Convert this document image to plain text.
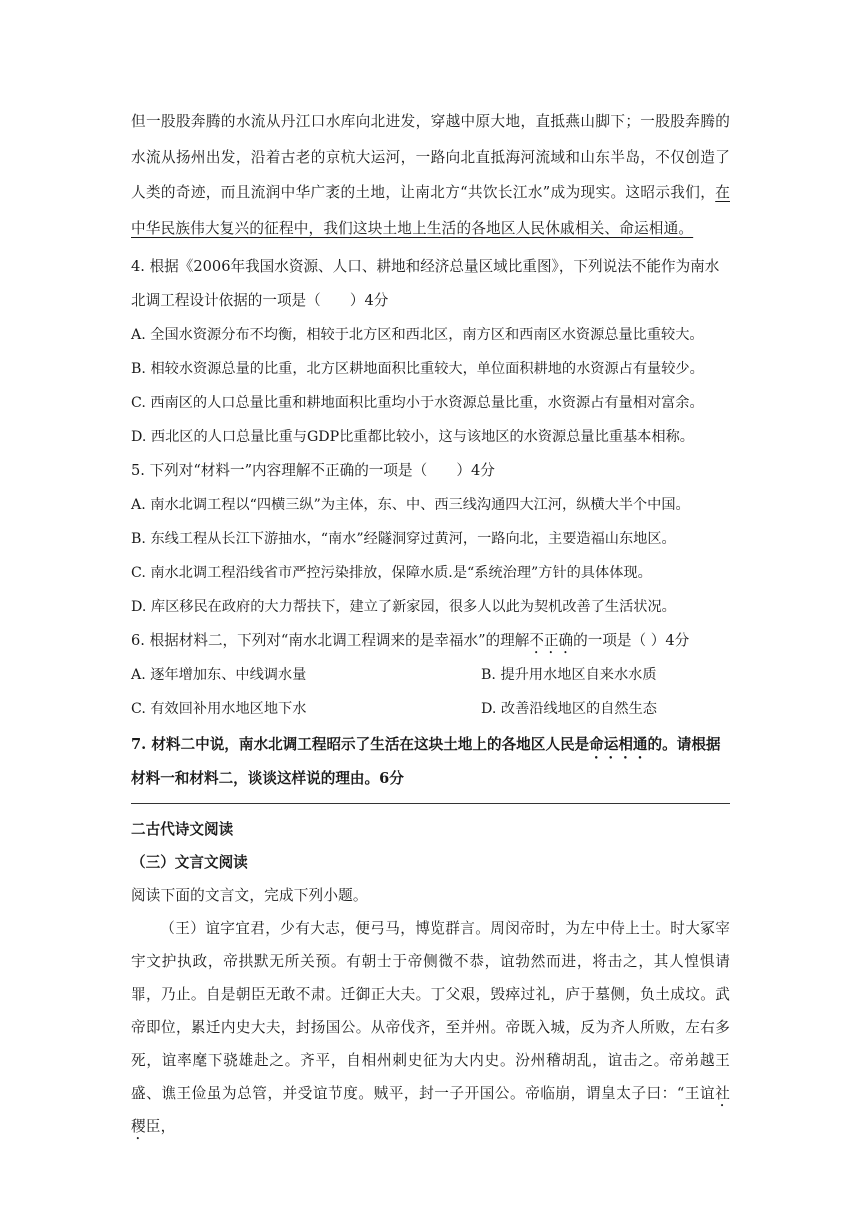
但一股股奔腾的水流从丹江口水库向北进发，穿越中原大地，直抵燕山脚下；一股股奔腾的水流从扬州出发，沿着古老的京杭大运河，一路向北直抵海河流域和山东半岛，不仅创造了人类的奇迹，而且流润中华广袤的土地，让南北方“共饮长江水”成为现实。这昭示我们，在中华民族伟大复兴的征程中，我们这块土地上生活的各地区人民休戚相关、命运相通。

4. 根据《2006年我国水资源、人口、耕地和经济总量区域比重图》，下列说法不能作为南水北调工程设计依据的一项是（　　）4分

A. 全国水资源分布不均衡，相较于北方区和西北区，南方区和西南区水资源总量比重较大。

B. 相较水资源总量的比重，北方区耕地面积比重较大，单位面积耕地的水资源占有量较少。

C. 西南区的人口总量比重和耕地面积比重均小于水资源总量比重，水资源占有量相对富余。

D. 西北区的人口总量比重与GDP比重都比较小，这与该地区的水资源总量比重基本相称。

5. 下列对“材料一”内容理解不正确的一项是（　　）4分

A. 南水北调工程以“四横三纵”为主体，东、中、西三线沟通四大江河，纵横大半个中国。

B. 东线工程从长江下游抽水，“南水”经隧洞穿过黄河，一路向北，主要造福山东地区。

C. 南水北调工程沿线省市严控污染排放，保障水质.是“系统治理”方针的具体体现。

D. 库区移民在政府的大力帮扶下，建立了新家园，很多人以此为契机改善了生活状况。

6. 根据材料二，下列对“南水北调工程调来的是幸福水”的理解不正确的一项是（ ）4分

A. 逐年增加东、中线调水量	B. 提升用水地区自来水水质

C. 有效回补用水地区地下水	D. 改善沿线地区的自然生态

7. 材料二中说，南水北调工程昭示了生活在这块土地上的各地区人民是命运相通的。请根据材料一和材料二，谈谈这样说的理由。6分

二古代诗文阅读

（三）文言文阅读

阅读下面的文言文，完成下列小题。

（王）谊字宜君，少有大志，便弓马，博览群言。周闵帝时，为左中侍上士。时大冢宰宇文护执政，帝拱默无所关预。有朝士于帝侧微不恭，谊勃然而进，将击之，其人惶惧请罪，乃止。自是朝臣无敢不肃。迁御正大夫。丁父艰，毁瘁过礼，庐于墓侧，负土成坟。武帝即位，累迁内史大夫，封扬国公。从帝伐齐，至并州。帝既入城，反为齐人所败，左右多死，谊率麾下骁雄赴之。齐平，自相州刺史征为大内史。汾州稽胡乱，谊击之。帝弟越王盛、谯王俭虽为总管，并受谊节度。贼平，封一子开国公。帝临崩，谓皇太子曰：“王谊社稷臣，
